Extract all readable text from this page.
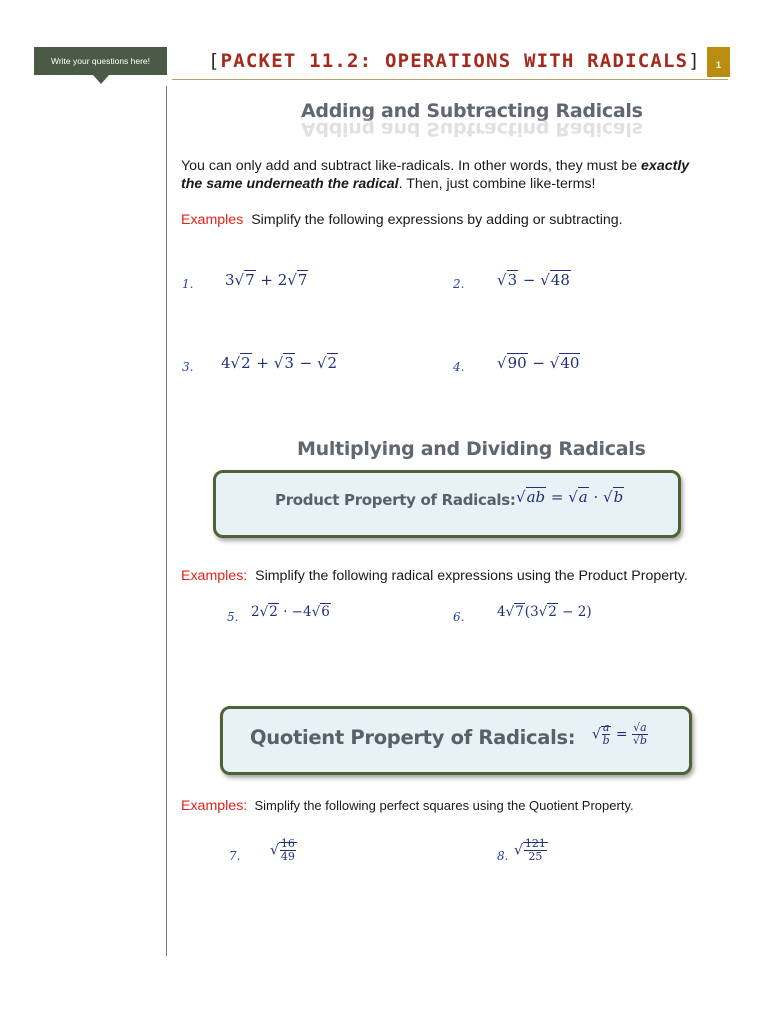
Write your questions here!	[PACKET 11.2: OPERATIONS WITH RADICALS]	1
Adding and Subtracting Radicals
Adding and Subtracting Radicals
You can only add and subtract like-radicals. In other words, they must be exactly
the same underneath the radical. Then, just combine like-terms!
Examples Simplify the following expressions by adding or subtracting.
1. 3√7 + 2√7	2. √3 − √48
3. 4√2 + √3 − √2	4. √90 − √40
Multiplying and Dividing Radicals
Product Property of Radicals: √ab = √a · √b
Examples: Simplify the following radical expressions using the Product Property.
5. 2√2 · −4√6	6. 4√7(3√2 − 2)
Quotient Property of Radicals: √ $\frac{a}{b} = \frac{√a}{√b}$
Examples: Simplify the following perfect squares using the Quotient Property.
7. √ $\frac{16}{49}$	8. √ $\frac{121}{25}$
